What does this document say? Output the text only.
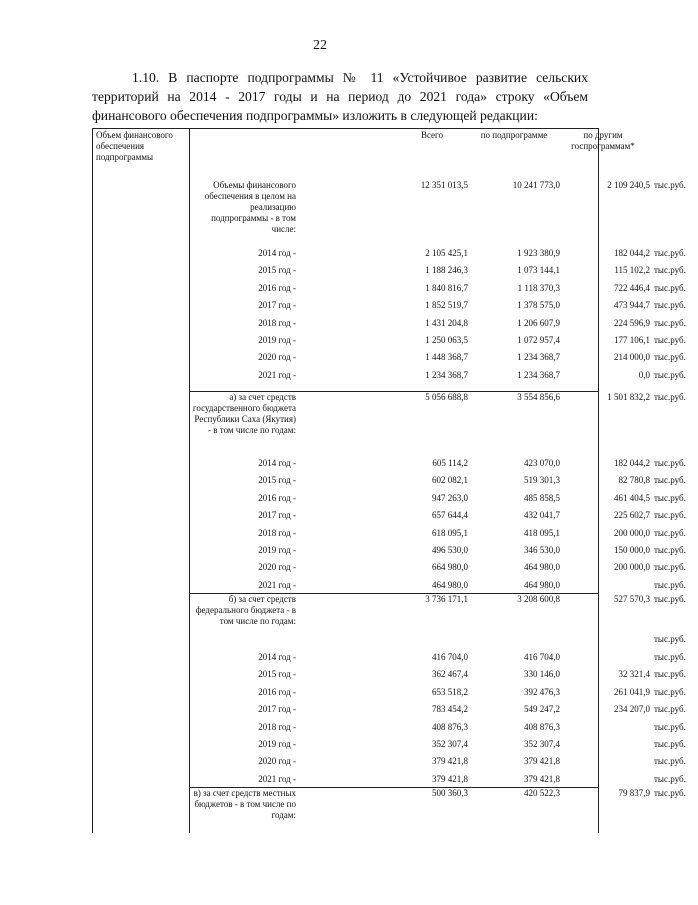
22
1.10. В паспорте подпрограммы № 11 «Устойчивое развитие сельских территорий на 2014 - 2017 годы и на период до 2021 года» строку «Объем финансового обеспечения подпрограммы» изложить в следующей редакции:
Объем финансового обеспечения подпрограммы
Всего	по подпрограмме	по другим госпрограммам*
Объемы финансового обеспечения в целом на реализацию подпрограммы - в том числе:
12 351 013,5	10 241 773,0	2 109 240,5 тыс.руб.
2014 год -	2 105 425,1	1 923 380,9	182 044,2 тыс.руб.
2015 год -	1 188 246,3	1 073 144,1	115 102,2 тыс.руб.
2016 год -	1 840 816,7	1 118 370,3	722 446,4 тыс.руб.
2017 год -	1 852 519,7	1 378 575,0	473 944,7 тыс.руб.
2018 год -	1 431 204,8	1 206 607,9	224 596,9 тыс.руб.
2019 год -	1 250 063,5	1 072 957,4	177 106,1 тыс.руб.
2020 год -	1 448 368,7	1 234 368,7	214 000,0 тыс.руб.
2021 год -	1 234 368,7	1 234 368,7	0,0 тыс.руб.
а) за счет средств государственного бюджета Республики Саха (Якутия) - в том числе по годам:
5 056 688,8	3 554 856,6	1 501 832,2 тыс.руб.
2014 год -	605 114,2	423 070,0	182 044,2 тыс.руб.
2015 год -	602 082,1	519 301,3	82 780,8 тыс.руб.
2016 год -	947 263,0	485 858,5	461 404,5 тыс.руб.
2017 год -	657 644,4	432 041,7	225 602,7 тыс.руб.
2018 год -	618 095,1	418 095,1	200 000,0 тыс.руб.
2019 год -	496 530,0	346 530,0	150 000,0 тыс.руб.
2020 год -	664 980,0	464 980,0	200 000,0 тыс.руб.
2021 год -	464 980,0	464 980,0	тыс.руб.
б) за счет средств федерального бюджета - в том числе по годам:
3 736 171,1	3 208 600,8	527 570,3 тыс.руб.
тыс.руб.
2014 год -	416 704,0	416 704,0	тыс.руб.
2015 год -	362 467,4	330 146,0	32 321,4 тыс.руб.
2016 год -	653 518,2	392 476,3	261 041,9 тыс.руб.
2017 год -	783 454,2	549 247,2	234 207,0 тыс.руб.
2018 год -	408 876,3	408 876,3	тыс.руб.
2019 год -	352 307,4	352 307,4	тыс.руб.
2020 год -	379 421,8	379 421,8	тыс.руб.
2021 год -	379 421,8	379 421,8	тыс.руб.
в) за счет средств местных бюджетов - в том числе по годам:
500 360,3	420 522,3	79 837,9 тыс.руб.
